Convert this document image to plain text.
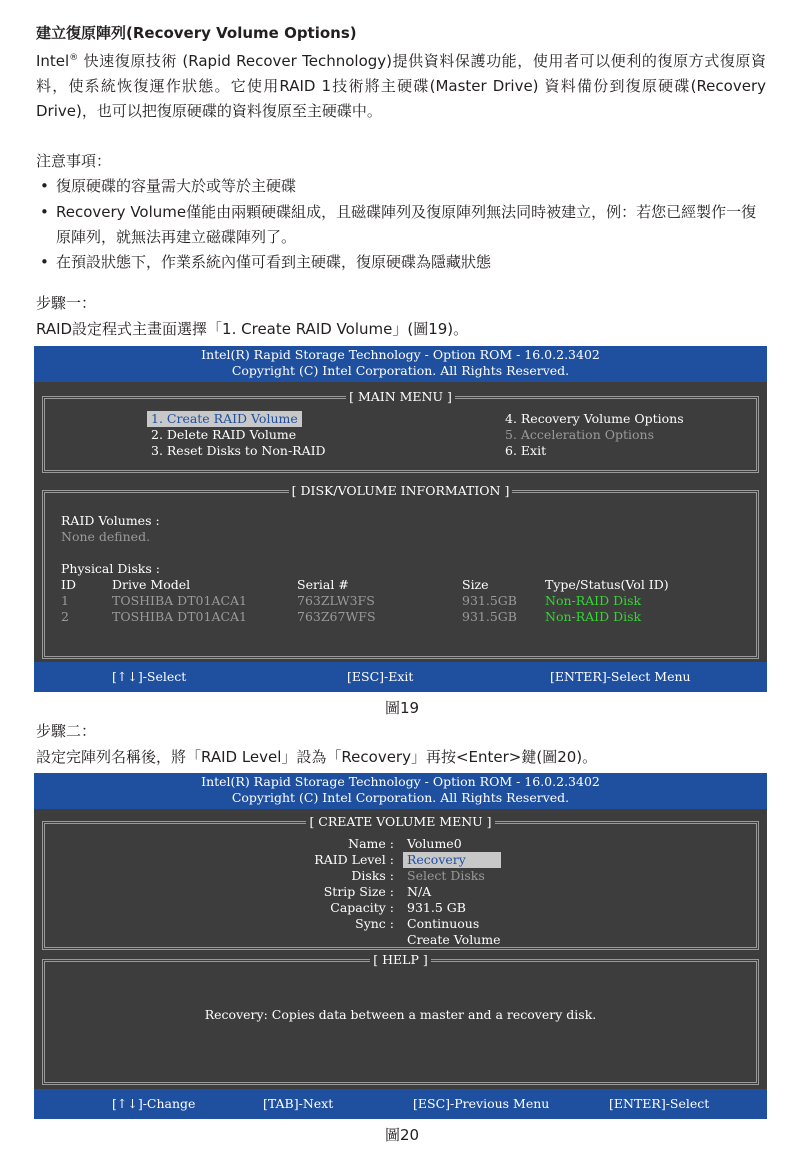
建立復原陣列(Recovery Volume Options)
Intel® 快速復原技術 (Rapid Recover Technology)提供資料保護功能，使用者可以便利的復原方式復原資料，使系統恢復運作狀態。它使用RAID 1技術將主硬碟(Master Drive) 資料備份到復原硬碟(Recovery Drive)，也可以把復原硬碟的資料復原至主硬碟中。
注意事項：
• 復原硬碟的容量需大於或等於主硬碟
• Recovery Volume僅能由兩顆硬碟組成，且磁碟陣列及復原陣列無法同時被建立，例：若您已經製作一復原陣列，就無法再建立磁碟陣列了。
• 在預設狀態下，作業系統內僅可看到主硬碟，復原硬碟為隱藏狀態
步驟一：
RAID設定程式主畫面選擇「1. Create RAID Volume」(圖19)。
Intel(R) Rapid Storage Technology - Option ROM - 16.0.2.3402
Copyright (C) Intel Corporation. All Rights Reserved.
[ MAIN MENU ]
1. Create RAID Volume
2. Delete RAID Volume
3. Reset Disks to Non-RAID
4. Recovery Volume Options
5. Acceleration Options
6. Exit
[ DISK/VOLUME INFORMATION ]
RAID Volumes :
None defined.
Physical Disks :
ID	Drive Model	Serial #	Size	Type/Status(Vol ID)
1	TOSHIBA DT01ACA1	763ZLW3FS	931.5GB Non-RAID Disk
2	TOSHIBA DT01ACA1	763Z67WFS	931.5GB Non-RAID Disk
[↑↓]-Select	[ESC]-Exit	[ENTER]-Select Menu
圖19
步驟二：
設定完陣列名稱後，將「RAID Level」設為「Recovery」再按<Enter>鍵(圖20)。
Intel(R) Rapid Storage Technology - Option ROM - 16.0.2.3402
Copyright (C) Intel Corporation. All Rights Reserved.
[ CREATE VOLUME MENU ]
Name : Volume0
RAID Level :	Recovery
Disks : Select Disks
Strip Size : N/A
Capacity : 931.5 GB
Sync : Continuous
Create Volume
[ HELP ]
Recovery: Copies data between a master and a recovery disk.
[↑↓]-Change	[TAB]-Next	[ESC]-Previous Menu	[ENTER]-Select
圖20
